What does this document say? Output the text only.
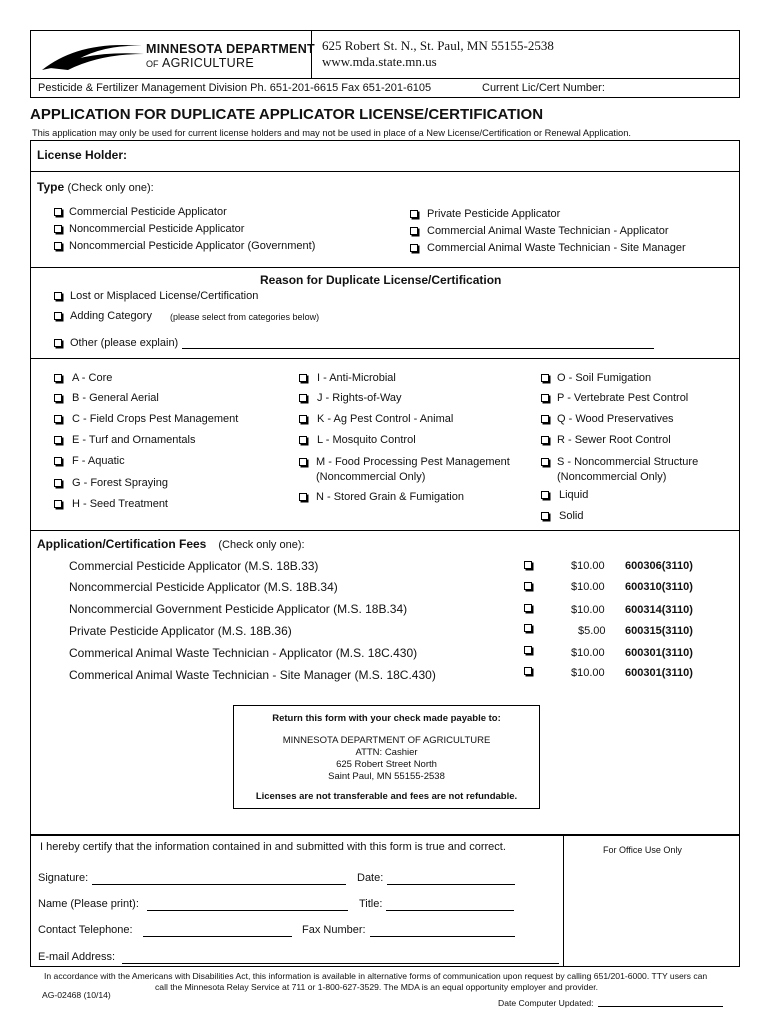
MINNESOTA DEPARTMENT
OF AGRICULTURE
625 Robert St. N., St. Paul, MN 55155-2538
www.mda.state.mn.us
Pesticide & Fertilizer Management Division Ph. 651-201-6615 Fax 651-201-6105	Current Lic/Cert Number:
APPLICATION FOR DUPLICATE APPLICATOR LICENSE/CERTIFICATION
This application may only be used for current license holders and may not be used in place of a New License/Certification or Renewal Application.
License Holder:
Type (Check only one):
Commercial Pesticide Applicator
Noncommercial Pesticide Applicator
Noncommercial Pesticide Applicator (Government)
Private Pesticide Applicator
Commercial Animal Waste Technician - Applicator
Commercial Animal Waste Technician - Site Manager
Reason for Duplicate License/Certification
Lost or Misplaced License/Certification
Adding Category (please select from categories below)
Other (please explain)
A - Core
B - General Aerial
C - Field Crops Pest Management
E - Turf and Ornamentals
F - Aquatic
G - Forest Spraying
H - Seed Treatment
I - Anti-Microbial
J - Rights-of-Way
K - Ag Pest Control - Animal
L - Mosquito Control
M - Food Processing Pest Management
(Noncommercial Only)
N - Stored Grain & Fumigation
O - Soil Fumigation
P - Vertebrate Pest Control
Q - Wood Preservatives
R - Sewer Root Control
S - Noncommercial Structure
(Noncommercial Only)
Liquid
Solid
Application/Certification Fees (Check only one):
Commercial Pesticide Applicator (M.S. 18B.33)	$10.00 600306(3110)
Noncommercial Pesticide Applicator (M.S. 18B.34)	$10.00 600310(3110)
Noncommercial Government Pesticide Applicator (M.S. 18B.34)	$10.00 600314(3110)
Private Pesticide Applicator (M.S. 18B.36)	$5.00 600315(3110)
Commerical Animal Waste Technician - Applicator (M.S. 18C.430)	$10.00 600301(3110)
Commerical Animal Waste Technician - Site Manager (M.S. 18C.430)	$10.00 600301(3110)
Return this form with your check made payable to:
MINNESOTA DEPARTMENT OF AGRICULTURE
ATTN: Cashier
625 Robert Street North
Saint Paul, MN 55155-2538
Licenses are not transferable and fees are not refundable.
I hereby certify that the information contained in and submitted with this form is true and correct.	For Office Use Only
Signature:	Date:
Name (Please print):	Title:
Contact Telephone:	Fax Number:
E-mail Address:
In accordance with the Americans with Disabilities Act, this information is available in alternative forms of communication upon request by calling 651/201-6000. TTY users can
call the Minnesota Relay Service at 711 or 1-800-627-3529. The MDA is an equal opportunity employer and provider.
AG-02468 (10/14)
Date Computer Updated:
